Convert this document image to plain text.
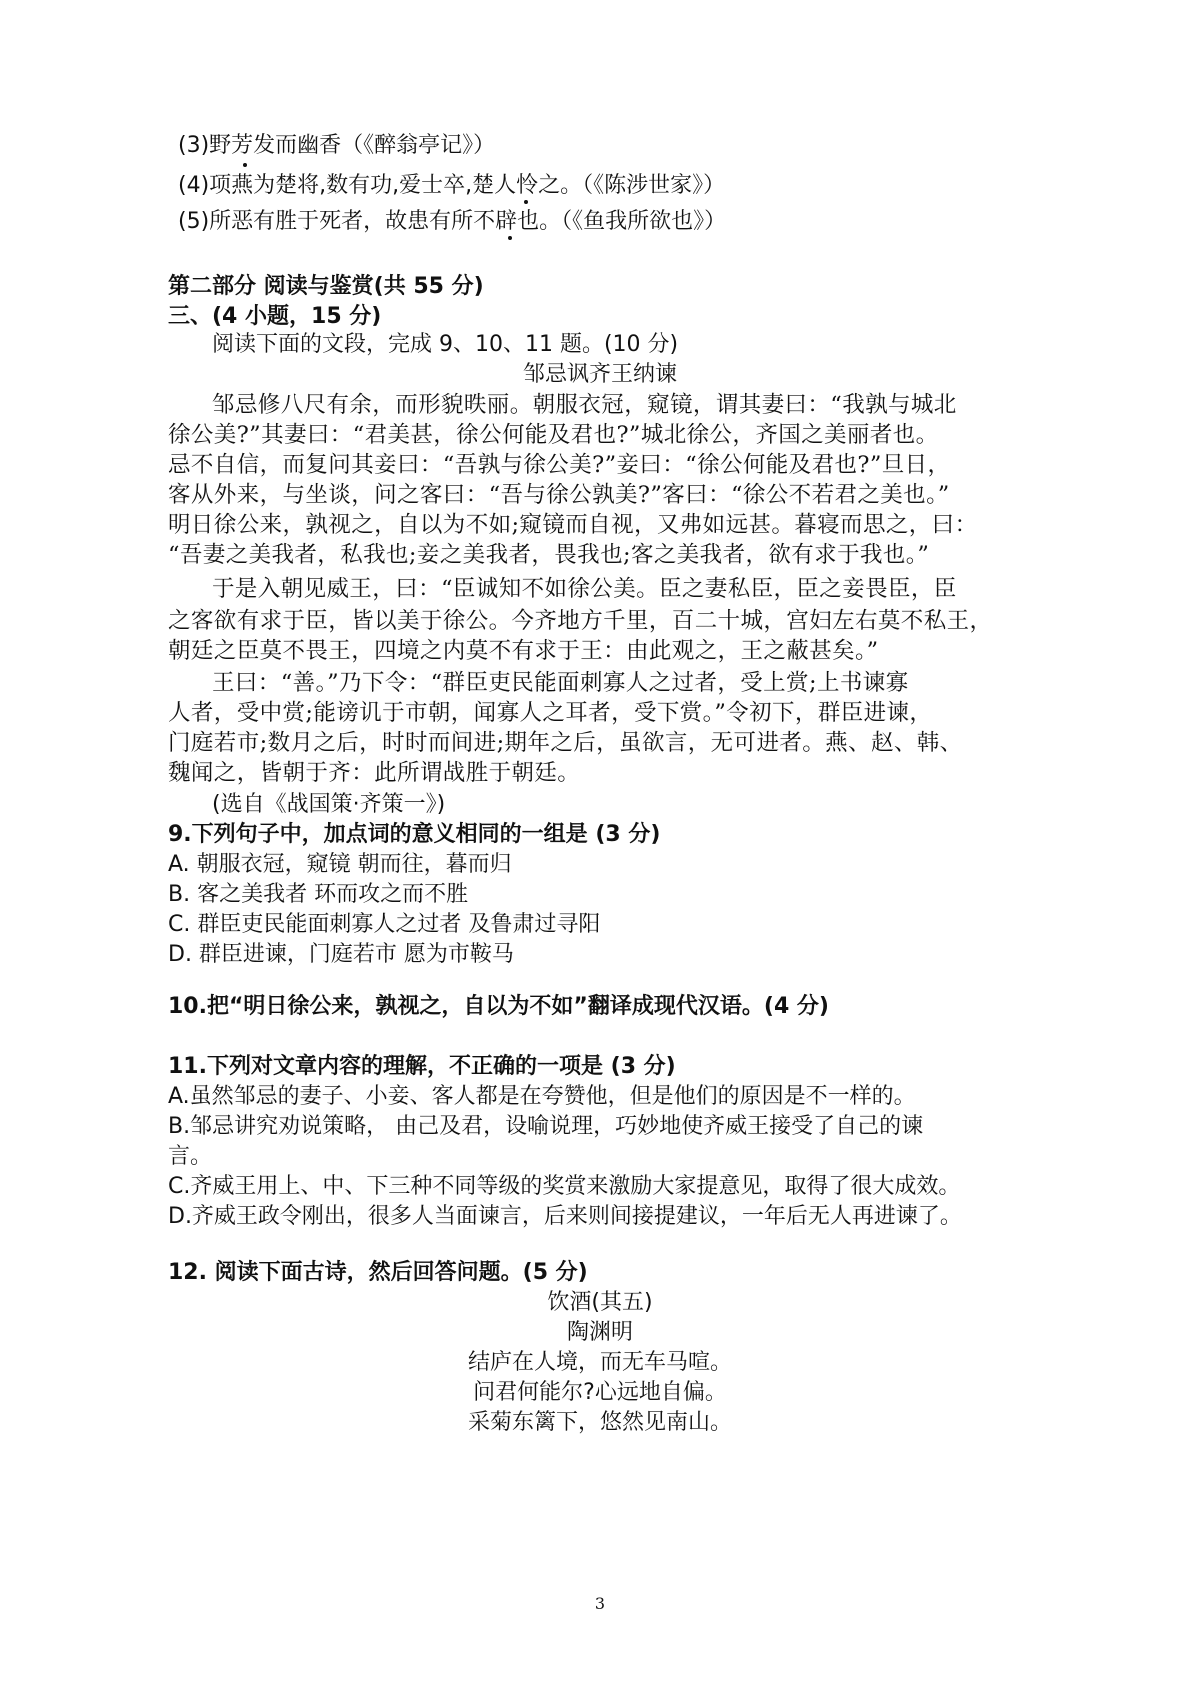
(3)野芳发而幽香（《醉翁亭记》）
(4)项燕为楚将,数有功,爱士卒,楚人怜之。（《陈涉世家》）
(5)所恶有胜于死者，故患有所不辟也。（《鱼我所欲也》）
第二部分 阅读与鉴赏(共 55 分)
三、(4 小题，15 分)
阅读下面的文段，完成 9、10、11 题。(10 分)
邹忌讽齐王纳谏
邹忌修八尺有余，而形貌昳丽。朝服衣冠，窥镜，谓其妻曰：“我孰与城北
徐公美?”其妻曰：“君美甚，徐公何能及君也?”城北徐公，齐国之美丽者也。
忌不自信，而复问其妾曰：“吾孰与徐公美?”妾曰：“徐公何能及君也?”旦日，
客从外来，与坐谈，问之客曰：“吾与徐公孰美?”客曰：“徐公不若君之美也。”
明日徐公来，孰视之，自以为不如;窥镜而自视，又弗如远甚。暮寝而思之，曰：
“吾妻之美我者，私我也;妾之美我者，畏我也;客之美我者，欲有求于我也。”
于是入朝见威王，曰：“臣诚知不如徐公美。臣之妻私臣，臣之妾畏臣，臣
之客欲有求于臣，皆以美于徐公。今齐地方千里，百二十城，宫妇左右莫不私王，
朝廷之臣莫不畏王，四境之内莫不有求于王：由此观之，王之蔽甚矣。”
王曰：“善。”乃下令：“群臣吏民能面刺寡人之过者，受上赏;上书谏寡
人者，受中赏;能谤讥于市朝，闻寡人之耳者，受下赏。”令初下，群臣进谏，
门庭若市;数月之后，时时而间进;期年之后，虽欲言，无可进者。燕、赵、韩、
魏闻之，皆朝于齐：此所谓战胜于朝廷。
(选自《战国策·齐策一》)
9.下列句子中，加点词的意义相同的一组是 (3 分)
A. 朝服衣冠，窥镜 朝而往，暮而归
B. 客之美我者 环而攻之而不胜
C. 群臣吏民能面刺寡人之过者 及鲁肃过寻阳
D. 群臣进谏，门庭若市 愿为市鞍马
10.把“明日徐公来，孰视之，自以为不如”翻译成现代汉语。(4 分)
11.下列对文章内容的理解，不正确的一项是 (3 分)
A.虽然邹忌的妻子、小妾、客人都是在夸赞他，但是他们的原因是不一样的。
B.邹忌讲究劝说策略， 由己及君，设喻说理，巧妙地使齐威王接受了自己的谏
言。
C.齐威王用上、中、下三种不同等级的奖赏来激励大家提意见，取得了很大成效。
D.齐威王政令刚出，很多人当面谏言，后来则间接提建议，一年后无人再进谏了。
12. 阅读下面古诗，然后回答问题。(5 分)
饮酒(其五)
陶渊明
结庐在人境，而无车马喧。
问君何能尔?心远地自偏。
采菊东篱下，悠然见南山。
3
